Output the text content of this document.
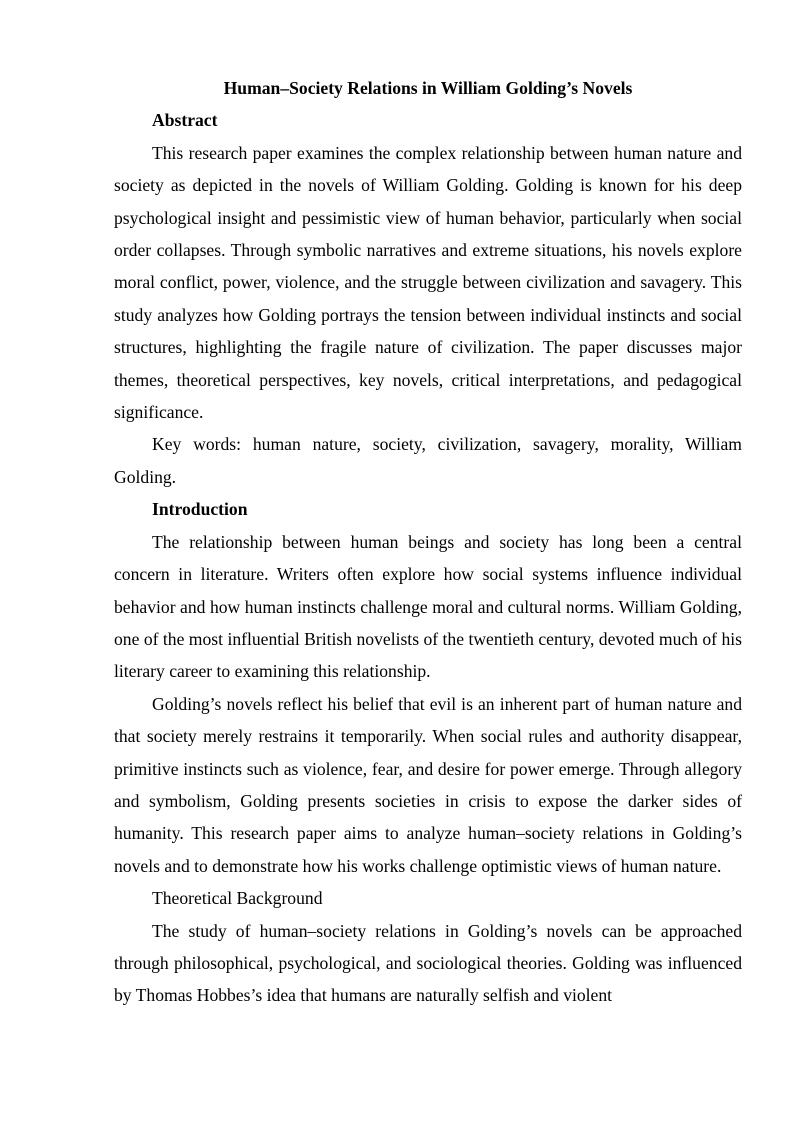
Human–Society Relations in William Golding’s Novels

Abstract

This research paper examines the complex relationship between human nature and society as depicted in the novels of William Golding. Golding is known for his deep psychological insight and pessimistic view of human behavior, particularly when social order collapses. Through symbolic narratives and extreme situations, his novels explore moral conflict, power, violence, and the struggle between civilization and savagery. This study analyzes how Golding portrays the tension between individual instincts and social structures, highlighting the fragile nature of civilization. The paper discusses major themes, theoretical perspectives, key novels, critical interpretations, and pedagogical significance.

Key words: human nature, society, civilization, savagery, morality, William Golding.

Introduction

The relationship between human beings and society has long been a central concern in literature. Writers often explore how social systems influence individual behavior and how human instincts challenge moral and cultural norms. William Golding, one of the most influential British novelists of the twentieth century, devoted much of his literary career to examining this relationship.

Golding’s novels reflect his belief that evil is an inherent part of human nature and that society merely restrains it temporarily. When social rules and authority disappear, primitive instincts such as violence, fear, and desire for power emerge. Through allegory and symbolism, Golding presents societies in crisis to expose the darker sides of humanity. This research paper aims to analyze human–society relations in Golding’s novels and to demonstrate how his works challenge optimistic views of human nature.

Theoretical Background

The study of human–society relations in Golding’s novels can be approached through philosophical, psychological, and sociological theories. Golding was influenced by Thomas Hobbes’s idea that humans are naturally selfish and violent
